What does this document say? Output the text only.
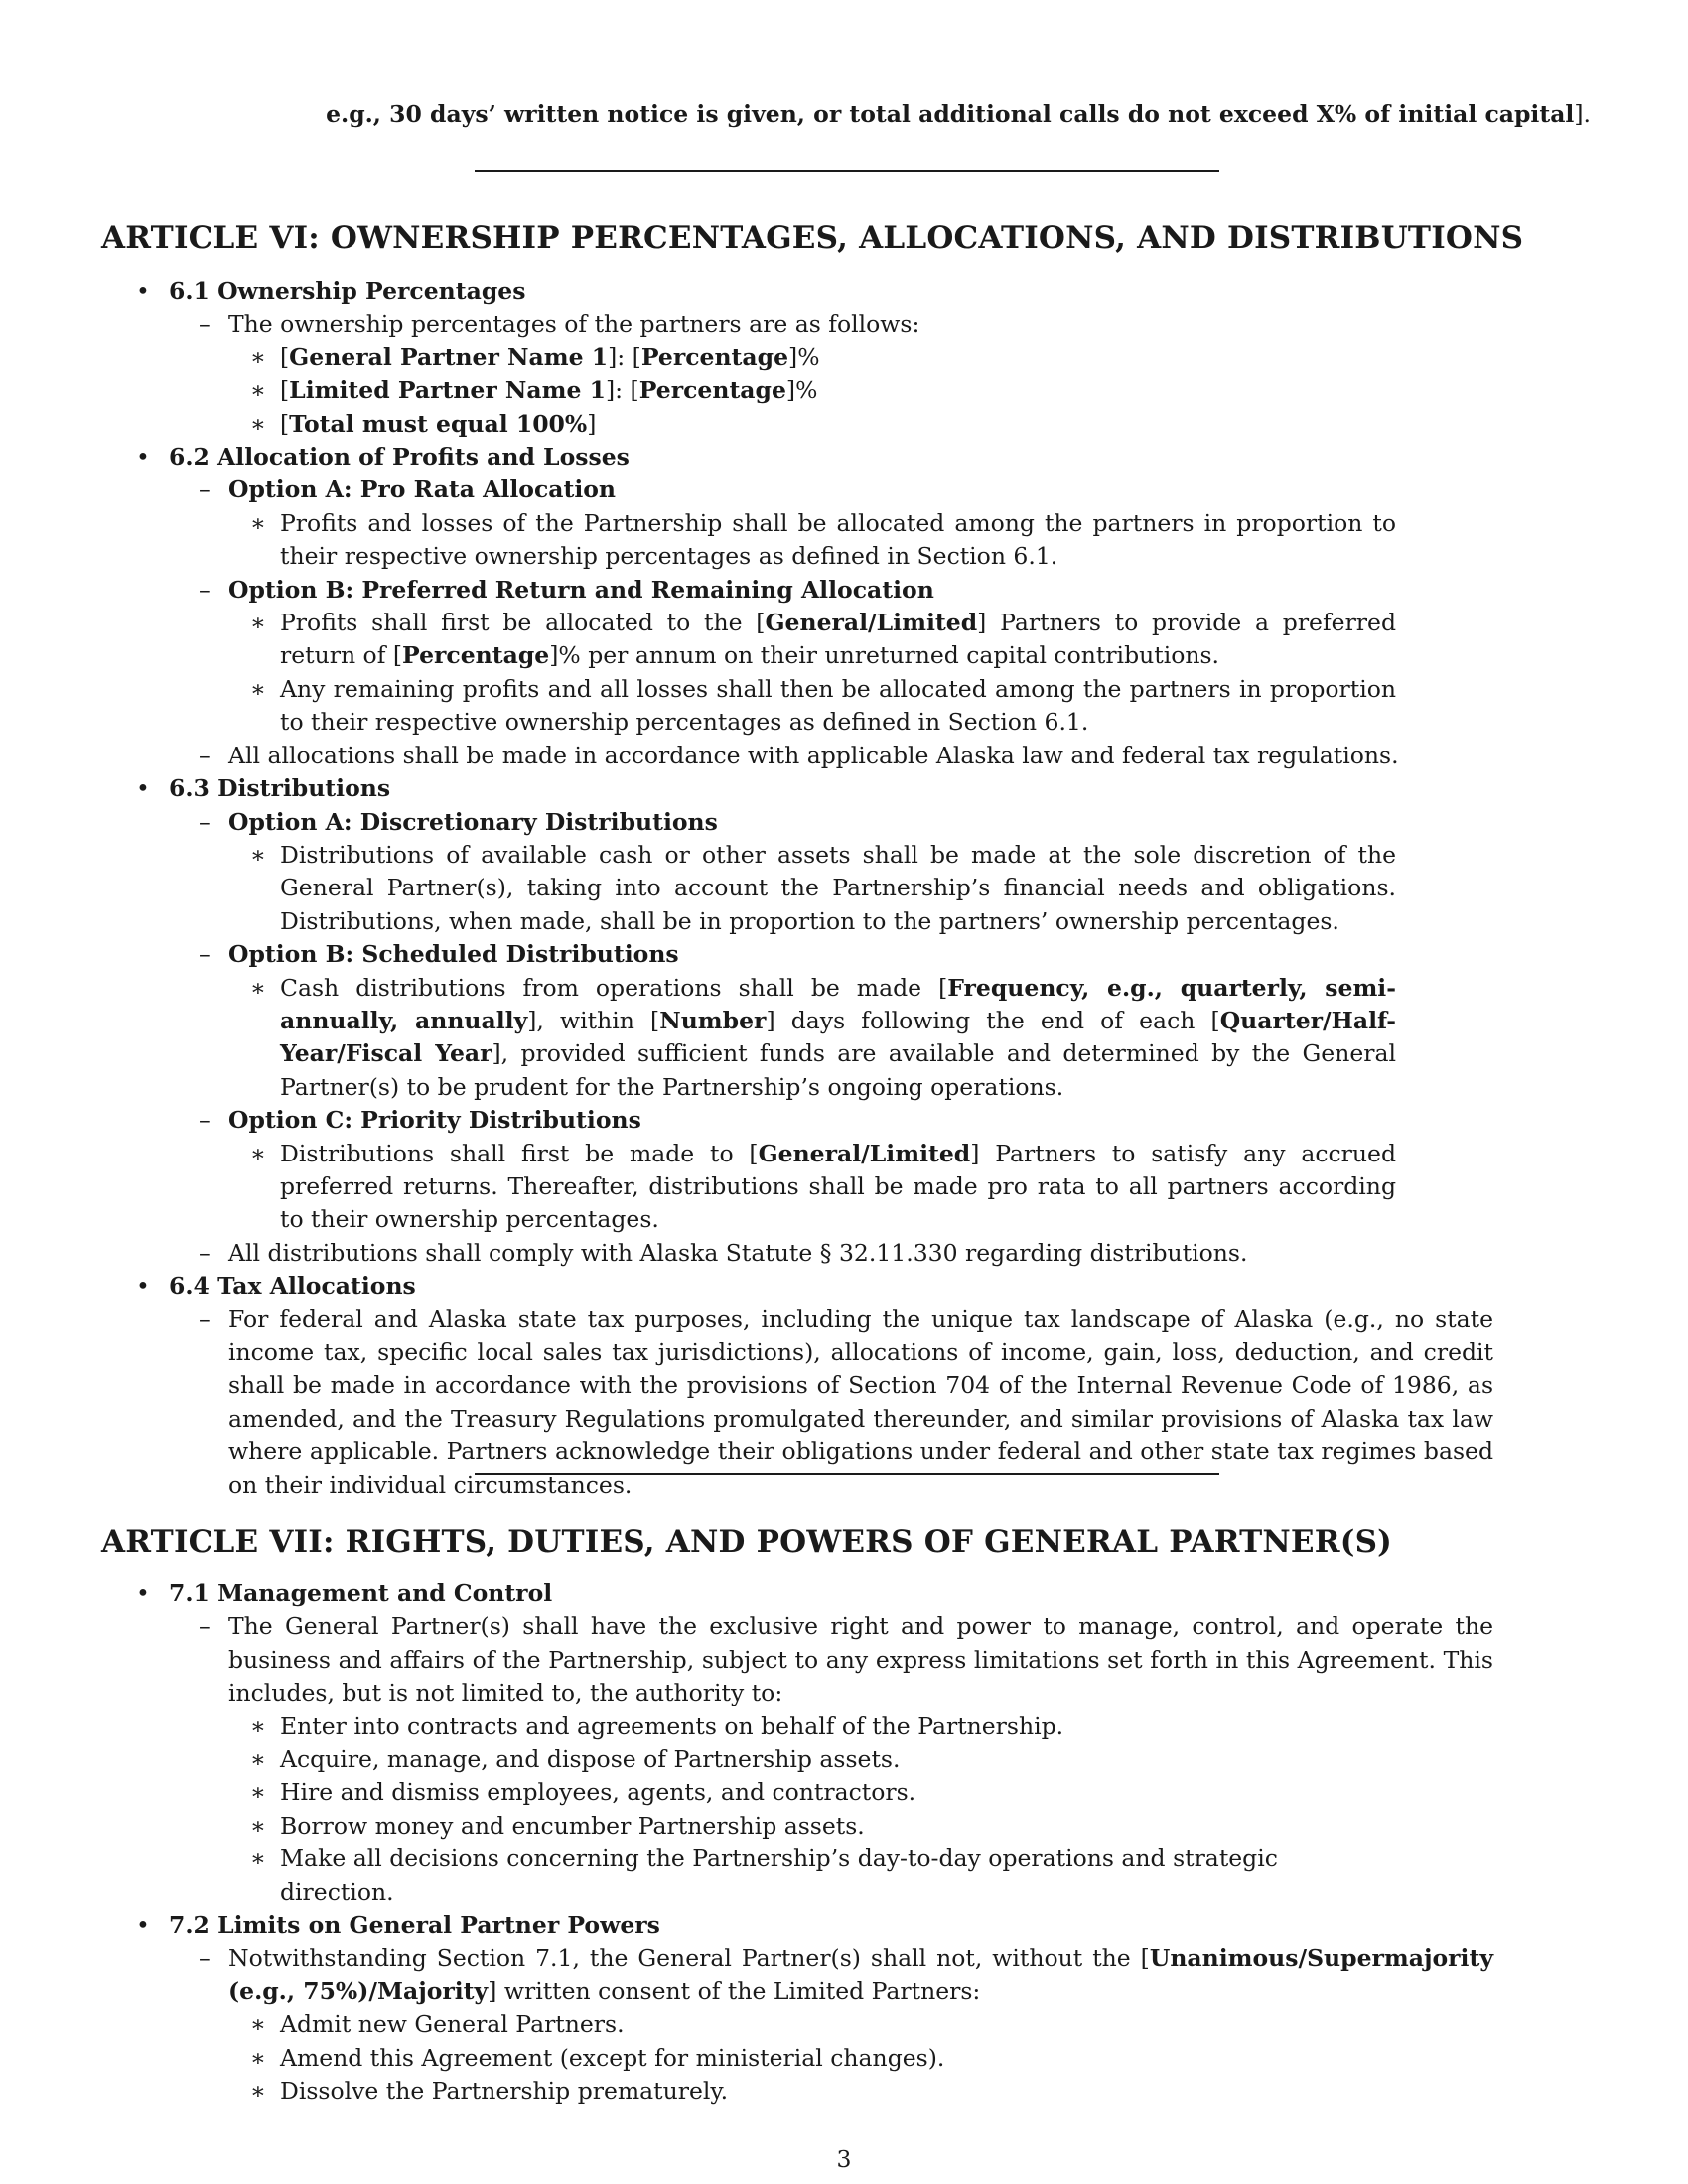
e.g., 30 days’ written notice is given, or total additional calls do not exceed X% of initial capital].
ARTICLE VI: OWNERSHIP PERCENTAGES, ALLOCATIONS, AND DISTRIBUTIONS
• 6.1 Ownership Percentages
– The ownership percentages of the partners are as follows:
∗ [General Partner Name 1]: [Percentage]%
∗ [Limited Partner Name 1]: [Percentage]%
∗ [Total must equal 100%]
• 6.2 Allocation of Profits and Losses
– Option A: Pro Rata Allocation
∗ Profits and losses of the Partnership shall be allocated among the partners in proportion to their respective ownership percentages as defined in Section 6.1.
– Option B: Preferred Return and Remaining Allocation
∗ Profits shall first be allocated to the [General/Limited] Partners to provide a preferred return of [Percentage]% per annum on their unreturned capital contributions.
∗ Any remaining profits and all losses shall then be allocated among the partners in proportion to their respective ownership percentages as defined in Section 6.1.
– All allocations shall be made in accordance with applicable Alaska law and federal tax regulations.
• 6.3 Distributions
– Option A: Discretionary Distributions
∗ Distributions of available cash or other assets shall be made at the sole discretion of the General Partner(s), taking into account the Partnership’s financial needs and obligations. Distributions, when made, shall be in proportion to the partners’ ownership percentages.
– Option B: Scheduled Distributions
∗ Cash distributions from operations shall be made [Frequency, e.g., quarterly, semi-annually, annually], within [Number] days following the end of each [Quarter/Half-Year/Fiscal Year], provided sufficient funds are available and determined by the General Partner(s) to be prudent for the Partnership’s ongoing operations.
– Option C: Priority Distributions
∗ Distributions shall first be made to [General/Limited] Partners to satisfy any accrued preferred returns. Thereafter, distributions shall be made pro rata to all partners according to their ownership percentages.
– All distributions shall comply with Alaska Statute § 32.11.330 regarding distributions.
• 6.4 Tax Allocations
– For federal and Alaska state tax purposes, including the unique tax landscape of Alaska (e.g., no state income tax, specific local sales tax jurisdictions), allocations of income, gain, loss, deduction, and credit shall be made in accordance with the provisions of Section 704 of the Internal Revenue Code of 1986, as amended, and the Treasury Regulations promulgated thereunder, and similar provisions of Alaska tax law where applicable. Partners acknowledge their obligations under federal and other state tax regimes based on their individual circumstances.
ARTICLE VII: RIGHTS, DUTIES, AND POWERS OF GENERAL PARTNER(S)
• 7.1 Management and Control
– The General Partner(s) shall have the exclusive right and power to manage, control, and operate the business and affairs of the Partnership, subject to any express limitations set forth in this Agreement. This includes, but is not limited to, the authority to:
∗ Enter into contracts and agreements on behalf of the Partnership.
∗ Acquire, manage, and dispose of Partnership assets.
∗ Hire and dismiss employees, agents, and contractors.
∗ Borrow money and encumber Partnership assets.
∗ Make all decisions concerning the Partnership’s day-to-day operations and strategic direction.
• 7.2 Limits on General Partner Powers
– Notwithstanding Section 7.1, the General Partner(s) shall not, without the [Unanimous/Supermajority (e.g., 75%)/Majority] written consent of the Limited Partners:
∗ Admit new General Partners.
∗ Amend this Agreement (except for ministerial changes).
∗ Dissolve the Partnership prematurely.
3
